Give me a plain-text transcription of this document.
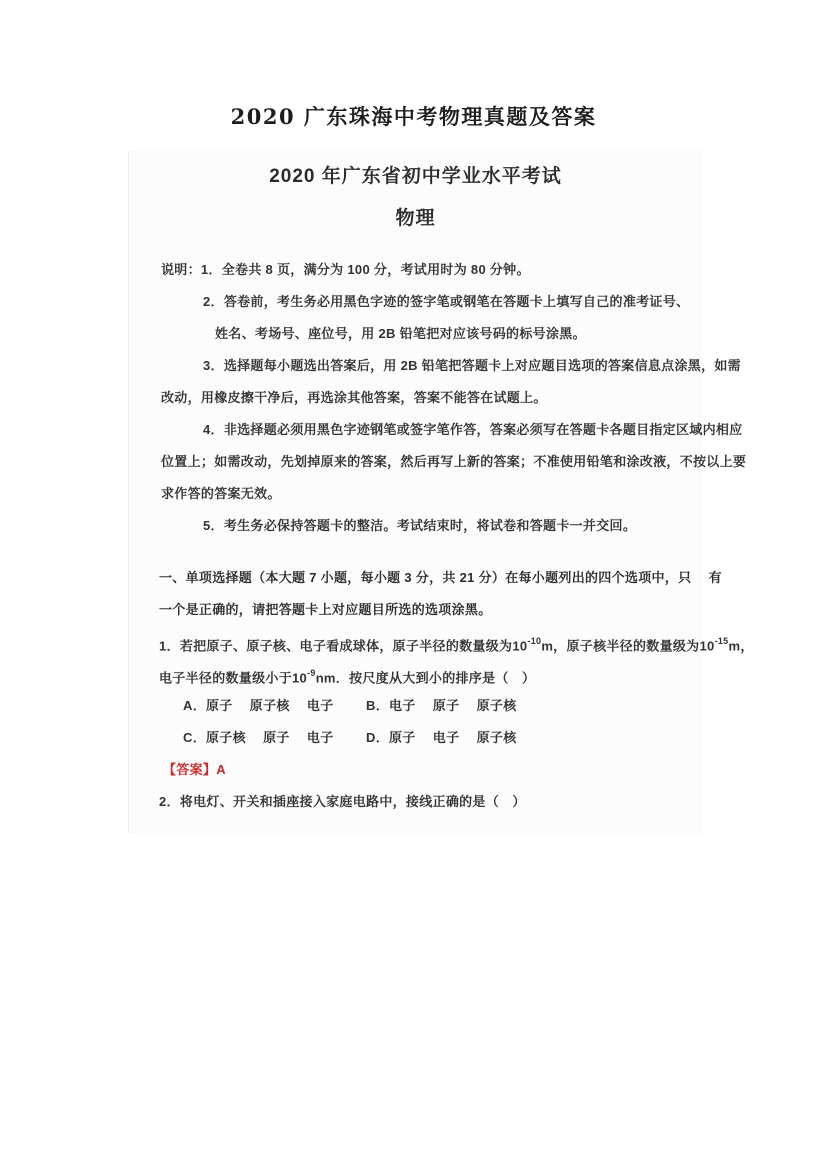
2020 广东珠海中考物理真题及答案
2020 年广东省初中学业水平考试
物理
说明：1．全卷共 8 页，满分为 100 分，考试用时为 80 分钟。
2．答卷前，考生务必用黑色字迹的签字笔或钢笔在答题卡上填写自己的准考证号、
姓名、考场号、座位号，用 2B 铅笔把对应该号码的标号涂黑。
3．选择题每小题选出答案后，用 2B 铅笔把答题卡上对应题目选项的答案信息点涂黑，如需
改动，用橡皮擦干净后，再选涂其他答案，答案不能答在试题上。
4．非选择题必须用黑色字迹钢笔或签字笔作答，答案必须写在答题卡各题目指定区域内相应
位置上；如需改动，先划掉原来的答案，然后再写上新的答案；不准使用铅笔和涂改液，不按以上要
求作答的答案无效。
5．考生务必保持答题卡的整洁。考试结束时，将试卷和答题卡一并交回。
一、单项选择题（本大题 7 小题，每小题 3 分，共 21 分）在每小题列出的四个选项中，只　 有
一个是正确的，请把答题卡上对应题目所选的选项涂黑。
1．若把原子、原子核、电子看成球体，原子半径的数量级为$10^{-10}m$，原子核半径的数量级为$10^{-15}m$，
电子半径的数量级小于$10^{-9}nm$．按尺度从大到小的排序是（　）
A．原子　 原子核　 电子 B．电子　 原子　 原子核
C．原子核　 原子　 电子 D．原子　 电子　 原子核
【答案】A
2．将电灯、开关和插座接入家庭电路中，接线正确的是（　）
